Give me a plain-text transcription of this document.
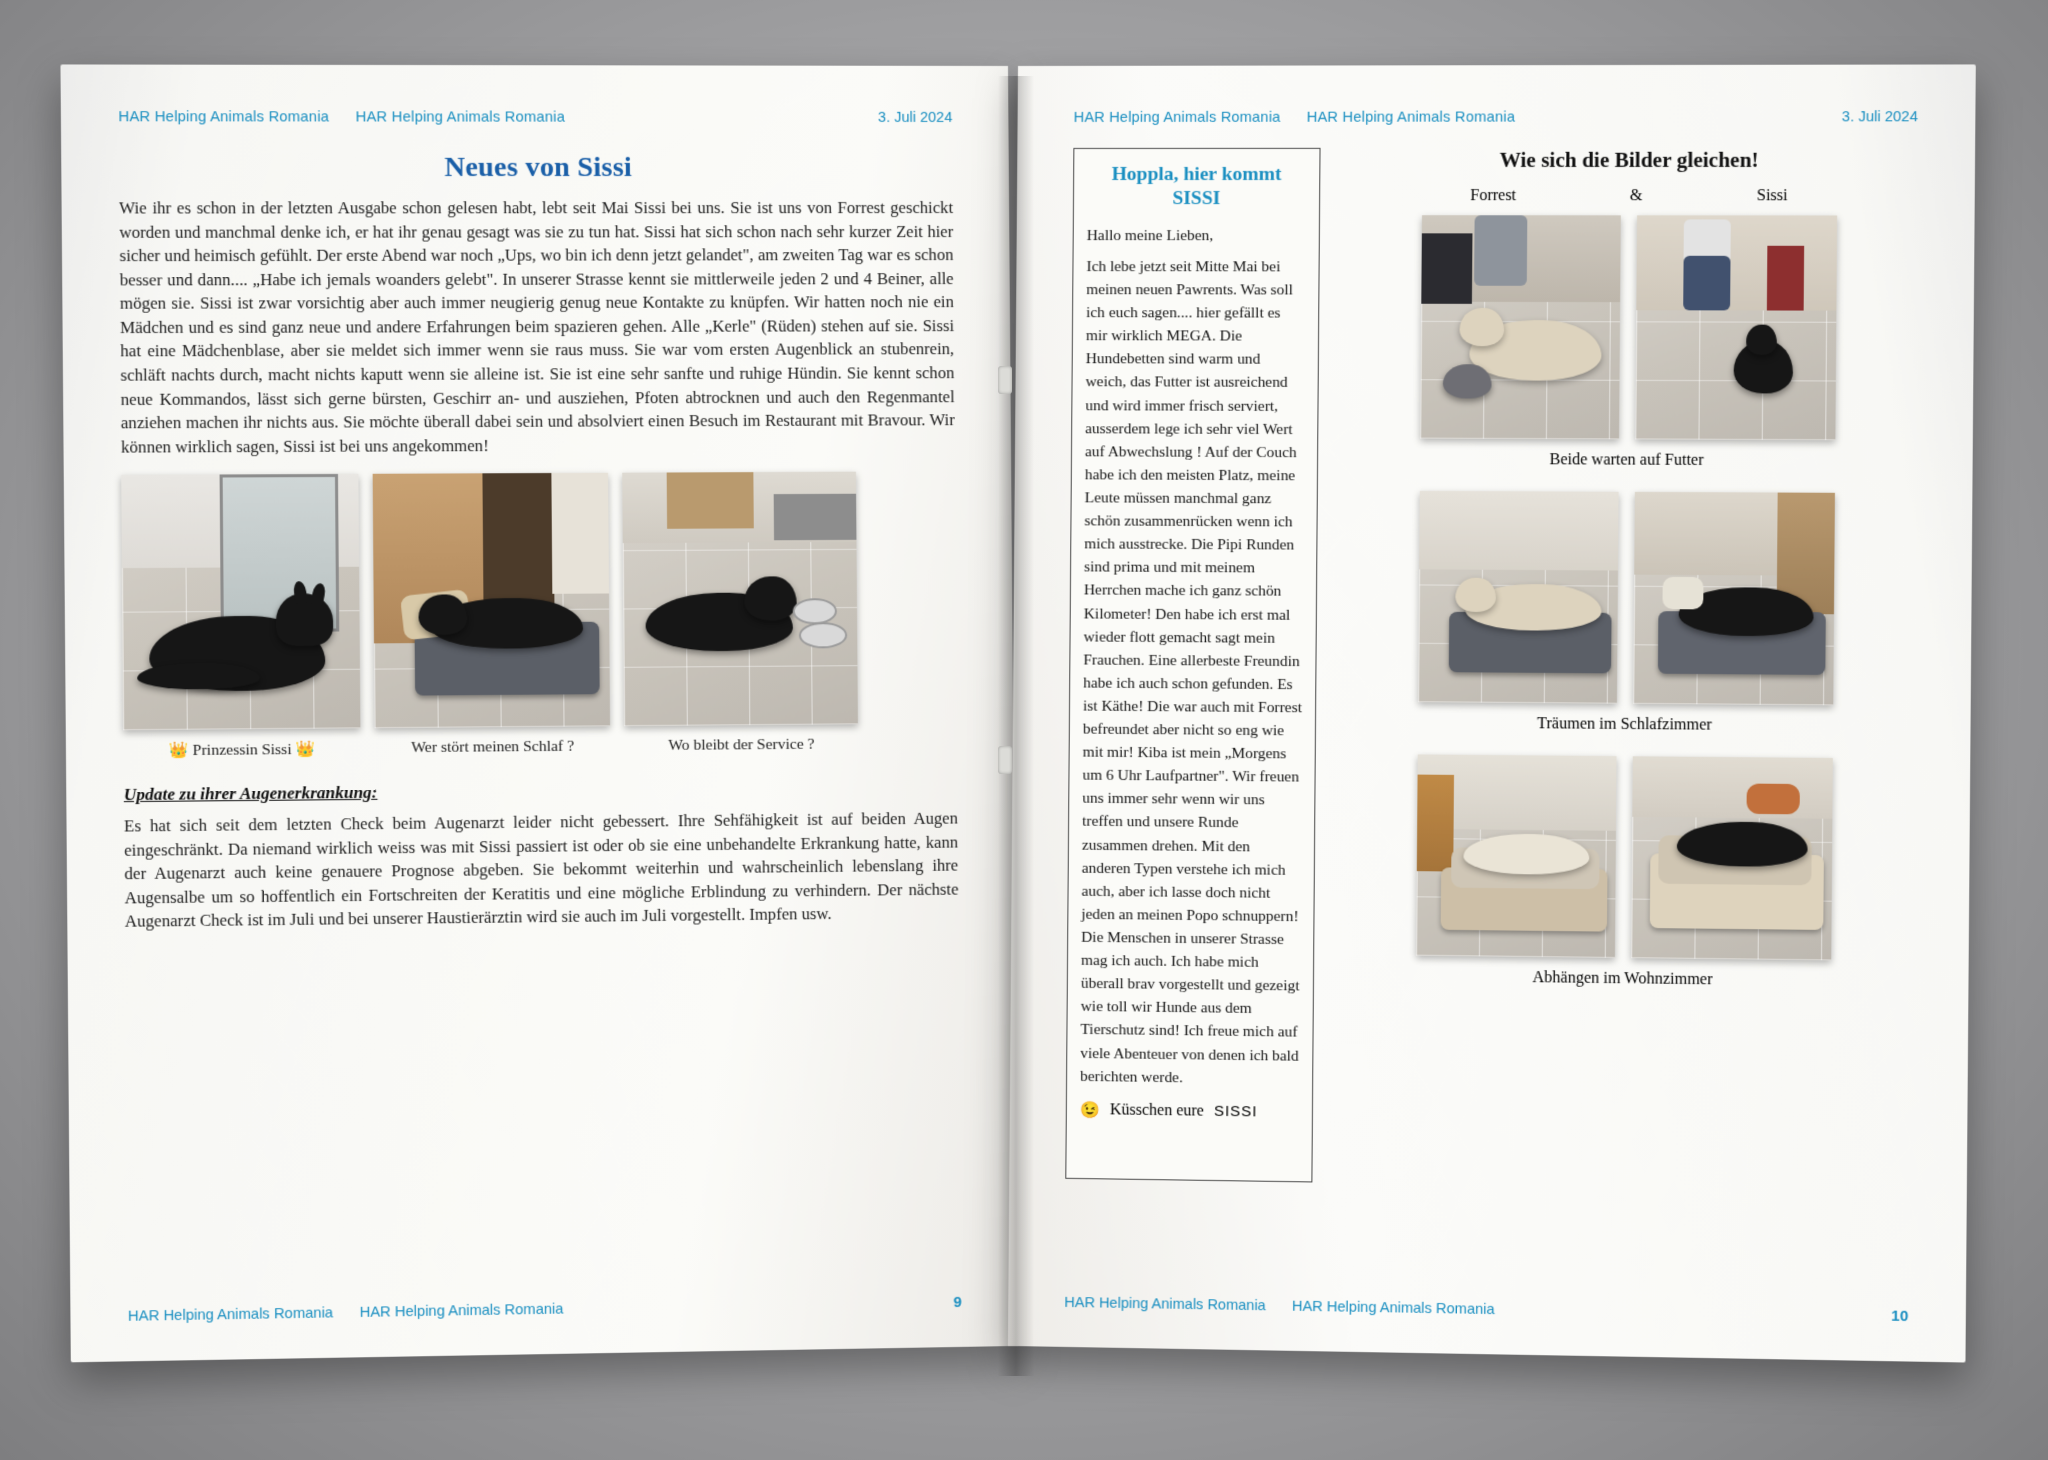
HAR Helping Animals Romania HAR Helping Animals Romania	3. Juli 2024
Neues von Sissi

Wie ihr es schon in der letzten Ausgabe schon gelesen habt, lebt seit Mai Sissi bei uns. Sie ist uns von Forrest geschickt worden und manchmal denke ich, er hat ihr genau gesagt was sie zu tun hat. Sissi hat sich schon nach sehr kurzer Zeit hier sicher und heimisch gefühlt. Der erste Abend war noch „Ups, wo bin ich denn jetzt gelandet", am zweiten Tag war es schon besser und dann.... „Habe ich jemals woanders gelebt". In unserer Strasse kennt sie mittlerweile jeden 2 und 4 Beiner, alle mögen sie. Sissi ist zwar vorsichtig aber auch immer neugierig genug neue Kontakte zu knüpfen. Wir hatten noch nie ein Mädchen und es sind ganz neue und andere Erfahrungen beim spazieren gehen. Alle „Kerle" (Rüden) stehen auf sie. Sissi hat eine Mädchenblase, aber sie meldet sich immer wenn sie raus muss. Sie war vom ersten Augenblick an stubenrein, schläft nachts durch, macht nichts kaputt wenn sie alleine ist. Sie ist eine sehr sanfte und ruhige Hündin. Sie kennt schon neue Kommandos, lässt sich gerne bürsten, Geschirr an- und ausziehen, Pfoten abtrocknen und auch den Regenmantel anziehen machen ihr nichts aus. Sie möchte überall dabei sein und absolviert einen Besuch im Restaurant mit Bravour. Wir können wirklich sagen, Sissi ist bei uns angekommen!

👑 Prinzessin Sissi 👑	Wer stört meinen Schlaf ?	Wo bleibt der Service ?
Update zu ihrer Augenerkrankung:

Es hat sich seit dem letzten Check beim Augenarzt leider nicht gebessert. Ihre Sehfähigkeit ist auf beiden Augen eingeschränkt. Da niemand wirklich weiss was mit Sissi passiert ist oder ob sie eine unbehandelte Erkrankung hatte, kann der Augenarzt auch keine genauere Prognose abgeben. Sie bekommt weiterhin und wahrscheinlich lebenslang ihre Augensalbe um so hoffentlich ein Fortschreiten der Keratitis und eine mögliche Erblindung zu verhindern. Der nächste Augenarzt Check ist im Juli und bei unserer Haustierärztin wird sie auch im Juli vorgestellt. Impfen usw.

HAR Helping Animals Romania HAR Helping Animals Romania	9
HAR Helping Animals Romania HAR Helping Animals Romania	3. Juli 2024
Hoppla, hier kommt SISSI

Hallo meine Lieben,

Ich lebe jetzt seit Mitte Mai bei meinen neuen Pawrents. Was soll ich euch sagen.... hier gefällt es mir wirklich MEGA. Die Hundebetten sind warm und weich, das Futter ist ausreichend und wird immer frisch serviert, ausserdem lege ich sehr viel Wert auf Abwechslung ! Auf der Couch habe ich den meisten Platz, meine Leute müssen manchmal ganz schön zusammenrücken wenn ich mich ausstrecke. Die Pipi Runden sind prima und mit meinem Herrchen mache ich ganz schön Kilometer! Den habe ich erst mal wieder flott gemacht sagt mein Frauchen. Eine allerbeste Freundin habe ich auch schon gefunden. Es ist Käthe! Die war auch mit Forrest befreundet aber nicht so eng wie mit mir! Kiba ist mein „Morgens um 6 Uhr Laufpartner". Wir freuen uns immer sehr wenn wir uns treffen und unsere Runde zusammen drehen. Mit den anderen Typen verstehe ich mich auch, aber ich lasse doch nicht jeden an meinen Popo schnuppern! Die Menschen in unserer Strasse mag ich auch. Ich habe mich überall brav vorgestellt und gezeigt wie toll wir Hunde aus dem Tierschutz sind! Ich freue mich auf viele Abenteuer von denen ich bald berichten werde.

😉 Küsschen eure SISSI
Wie sich die Bilder gleichen!
Forrest	&	Sissi
Beide warten auf Futter
Träumen im Schlafzimmer
Abhängen im Wohnzimmer
HAR Helping Animals Romania HAR Helping Animals Romania	10
